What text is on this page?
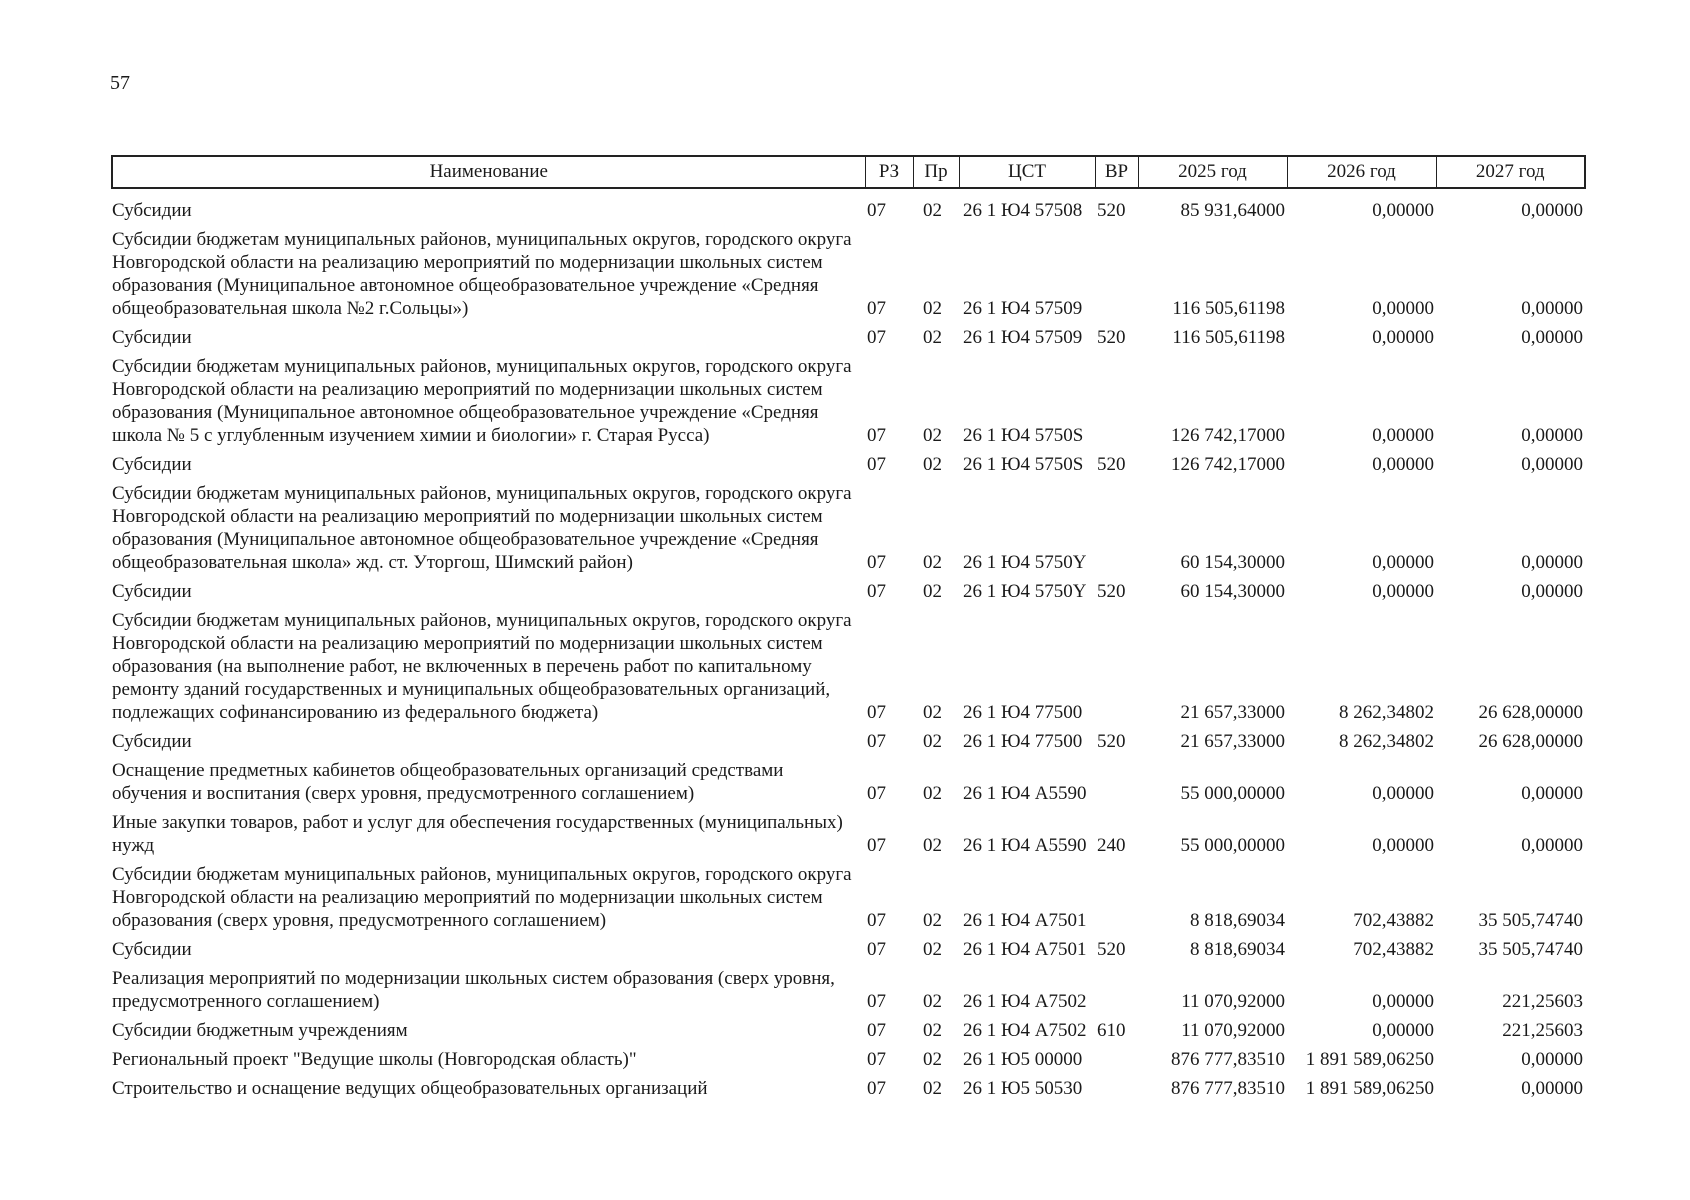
57
Наименование	РЗ	Пр	ЦСТ	ВР	2025 год	2026 год	2027 год
Субсидии	07	02	26 1 Ю4 57508	520	85 931,64000	0,00000	0,00000
Субсидии бюджетам муниципальных районов, муниципальных округов, городского округа Новгородской области на реализацию мероприятий по модернизации школьных систем образования (Муниципальное автономное общеобразовательное учреждение «Средняя общеобразовательная школа №2 г.Сольцы»)	07	02	26 1 Ю4 57509		116 505,61198	0,00000	0,00000
Субсидии	07	02	26 1 Ю4 57509	520	116 505,61198	0,00000	0,00000
Субсидии бюджетам муниципальных районов, муниципальных округов, городского округа Новгородской области на реализацию мероприятий по модернизации школьных систем образования (Муниципальное автономное общеобразовательное учреждение «Средняя школа № 5 с углубленным изучением химии и биологии» г. Старая Русса)	07	02	26 1 Ю4 5750S		126 742,17000	0,00000	0,00000
Субсидии	07	02	26 1 Ю4 5750S	520	126 742,17000	0,00000	0,00000
Субсидии бюджетам муниципальных районов, муниципальных округов, городского округа Новгородской области на реализацию мероприятий по модернизации школьных систем образования (Муниципальное автономное общеобразовательное учреждение «Средняя общеобразовательная школа» жд. ст. Уторгош, Шимский район)	07	02	26 1 Ю4 5750Y		60 154,30000	0,00000	0,00000
Субсидии	07	02	26 1 Ю4 5750Y	520	60 154,30000	0,00000	0,00000
Субсидии бюджетам муниципальных районов, муниципальных округов, городского округа Новгородской области на реализацию мероприятий по модернизации школьных систем образования (на выполнение работ, не включенных в перечень работ по капитальному ремонту зданий государственных и муниципальных общеобразовательных организаций, подлежащих софинансированию из федерального бюджета)	07	02	26 1 Ю4 77500		21 657,33000	8 262,34802	26 628,00000
Субсидии	07	02	26 1 Ю4 77500	520	21 657,33000	8 262,34802	26 628,00000
Оснащение предметных кабинетов общеобразовательных организаций средствами обучения и воспитания (сверх уровня, предусмотренного соглашением)	07	02	26 1 Ю4 А5590		55 000,00000	0,00000	0,00000
Иные закупки товаров, работ и услуг для обеспечения государственных (муниципальных) нужд	07	02	26 1 Ю4 А5590	240	55 000,00000	0,00000	0,00000
Субсидии бюджетам муниципальных районов, муниципальных округов, городского округа Новгородской области на реализацию мероприятий по модернизации школьных систем образования (сверх уровня, предусмотренного соглашением)	07	02	26 1 Ю4 А7501		8 818,69034	702,43882	35 505,74740
Субсидии	07	02	26 1 Ю4 А7501	520	8 818,69034	702,43882	35 505,74740
Реализация мероприятий по модернизации школьных систем образования (сверх уровня, предусмотренного соглашением)	07	02	26 1 Ю4 А7502		11 070,92000	0,00000	221,25603
Субсидии бюджетным учреждениям	07	02	26 1 Ю4 А7502	610	11 070,92000	0,00000	221,25603
Региональный проект "Ведущие школы (Новгородская область)"	07	02	26 1 Ю5 00000		876 777,83510	1 891 589,06250	0,00000
Строительство и оснащение ведущих общеобразовательных организаций	07	02	26 1 Ю5 50530		876 777,83510	1 891 589,06250	0,00000
